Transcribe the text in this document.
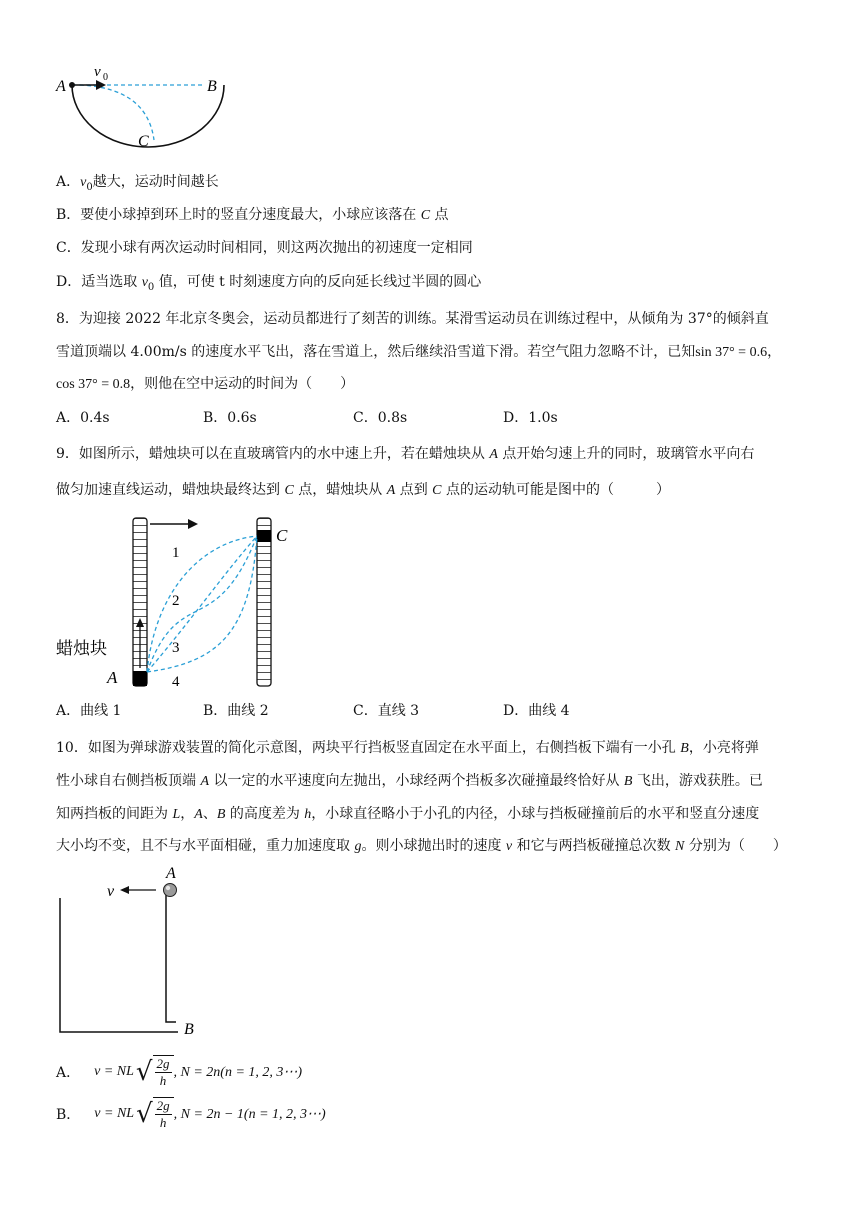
A
v 0
B
C
A．$v_0$越大，运动时间越长
B．要使小球掉到环上时的竖直分速度最大，小球应该落在 C 点
C．发现小球有两次运动时间相同，则这两次抛出的初速度一定相同
D．适当选取 $v_0$ 值，可使 t 时刻速度方向的反向延长线过半圆的圆心
8．为迎接 2022 年北京冬奥会，运动员都进行了刻苦的训练。某滑雪运动员在训练过程中，从倾角为 37°的倾斜直
雪道顶端以 4.00m/s 的速度水平飞出，落在雪道上，然后继续沿雪道下滑。若空气阻力忽略不计，已知sin 37° = 0.6，
cos 37° = 0.8，则他在空中运动的时间为（　　）
A．0.4s	B．0.6s	C．0.8s	D．1.0s
9．如图所示，蜡烛块可以在直玻璃管内的水中速上升，若在蜡烛块从 A 点开始匀速上升的同时，玻璃管水平向右
做匀加速直线运动，蜡烛块最终达到 C 点，蜡烛块从 A 点到 C 点的运动轨可能是图中的（　　　）
1
2
3
4
C
A
蜡烛块
A．曲线 1	B．曲线 2	C．直线 3	D．曲线 4
10．如图为弹球游戏装置的简化示意图，两块平行挡板竖直固定在水平面上，右侧挡板下端有一小孔 B，小亮将弹
性小球自右侧挡板顶端 A 以一定的水平速度向左抛出，小球经两个挡板多次碰撞最终恰好从 B 飞出，游戏获胜。已
知两挡板的间距为 L，A、B 的高度差为 h，小球直径略小于小孔的内径，小球与挡板碰撞前后的水平和竖直分速度
大小均不变，且不与水平面相碰，重力加速度取 g。则小球抛出时的速度 v 和它与两挡板碰撞总次数 N 分别为（　　）
v
A
B
A． v = NL √ 2g
h
, N = 2n(n = 1, 2, 3⋯)
B． v = NL √ 2g
h
, N = 2n − 1(n = 1, 2, 3⋯)
